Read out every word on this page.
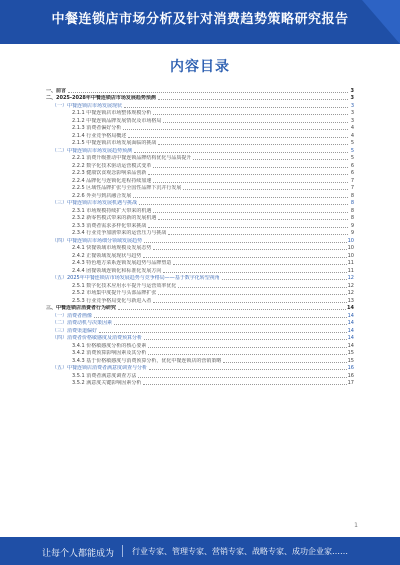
中餐连锁店市场分析及针对消费趋势策略研究报告
内容目录
一、前言	3
二、2025-2028年中餐连锁店市场发展趋势预测	3
（一）中餐连锁店市场发展现状	3
2.1.1 中餐连锁店市场整体规模分析	3
2.1.2 中餐连锁品牌发展情况及市场格局	3
2.1.3 消费者偏好分析	4
2.1.4 行业竞争格局概述	4
2.1.5 中餐连锁店市场发展面临的挑战	5
（二）中餐连锁店市场发展趋势预测	5
2.2.1 消费升级推动中餐连锁品牌结构优化与品质提升	5
2.2.2 数字化技术驱动运营模式变革	6
2.2.3 健康饮食观念影响菜品创新	6
2.2.4 品牌化与连锁化进程持续加速	7
2.2.5 区域性品牌扩张与全国性品牌下沉并行发展	7
2.2.6 外卖与到店融合发展	8
（三）中餐连锁店市场发展机遇与挑战	8
2.3.1 市场规模持续扩大带来的机遇	8
2.3.2 新零售模式带来的新的发展机遇	8
2.3.3 消费者需求多样化带来挑战	9
2.3.4 行业竞争加剧带来的运营压力与挑战	9
（四）中餐连锁店市场细分领域发展趋势	10
2.4.1 快餐领域市场规模及发展态势	10
2.4.2 正餐领域发展现状与趋势	10
2.4.3 特色地方菜系连锁发展趋势与品牌塑造	11
2.4.4 团餐领域连锁化和标准化发展方向	11
（五）2025年中餐连锁店市场发展趋势与竞争格局——基于数字化转型视角	12
2.5.1 数字化技术应用水平提升与运营效率优化	12
2.5.2 市场集中度提升与头部品牌扩张	12
2.5.3 行业竞争格局变化与新进入者	13
三、中餐连锁店消费者行为研究	14
（一）消费者画像	14
（二）消费动机与决策因素	14
（三）消费渠道偏好	14
（四）消费者价格敏感度及消费预算分析	14
3.4.1 价格敏感度分析的核心要素	14
3.4.2 消费预算影响因素及其分析	15
3.4.3 基于价格敏感度与消费预算分析，优化中餐连锁店的营销策略	15
（五）中餐连锁店消费者满意度调查与分析	16
3.5.1 消费者满意度调查方法	16
3.5.2 满意度关键影响因素分析	17
1
让每个人都能成为 行业专家、管理专家、营销专家、战略专家、成功企业家……
